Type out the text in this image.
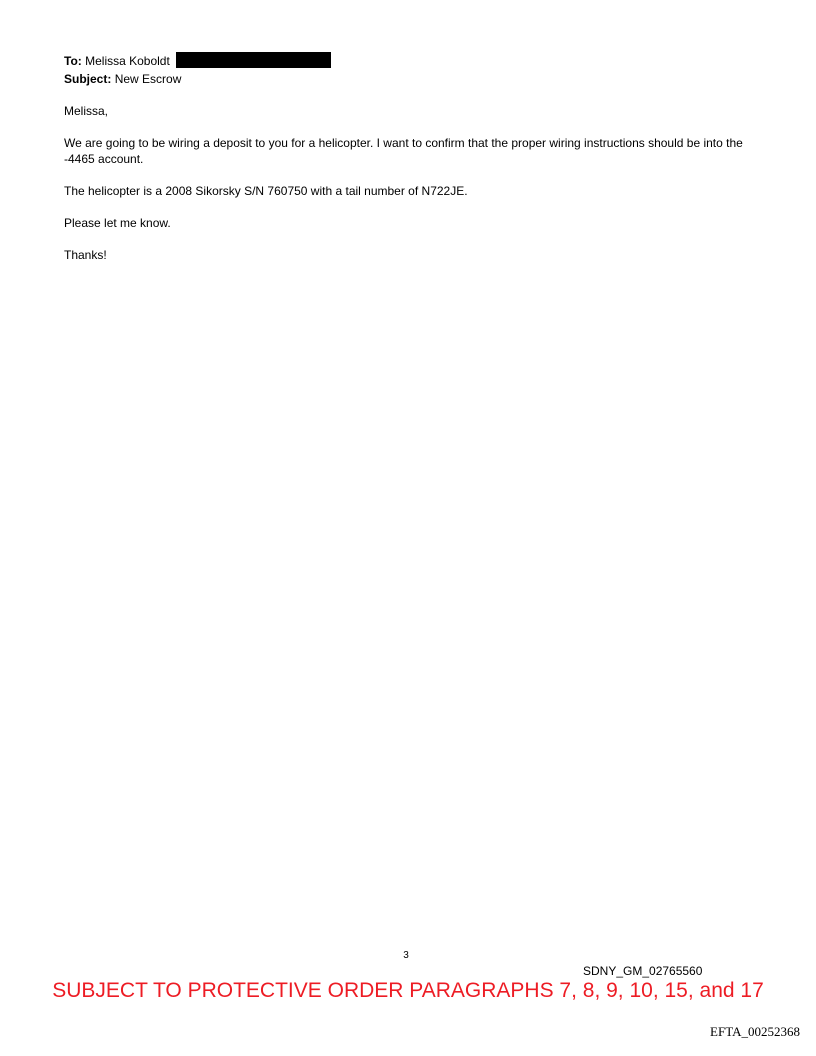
To: Melissa Koboldt
Subject: New Escrow

Melissa,

We are going to be wiring a deposit to you for a helicopter. I want to confirm that the proper wiring instructions should be into the -4465 account.

The helicopter is a 2008 Sikorsky S/N 760750 with a tail number of N722JE.

Please let me know.

Thanks!

3
SDNY_GM_02765560
SUBJECT TO PROTECTIVE ORDER PARAGRAPHS 7, 8, 9, 10, 15, and 17
EFTA_00252368
